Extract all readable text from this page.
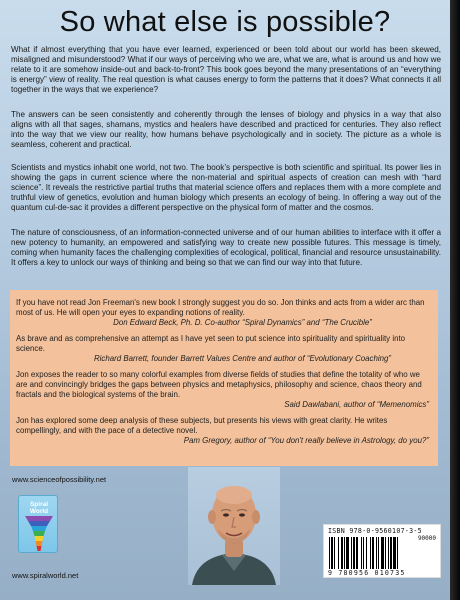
So what else is possible?

What if almost everything that you have ever learned, experienced or been told about our world has been skewed, misaligned and misunderstood? What if our ways of perceiving who we are, what we are, what is around us and how we relate to it are somehow inside-out and back-to-front? This book goes beyond the many presentations of an “everything is energy” view of reality. The real question is what causes energy to form the patterns that it does? What connects it all together in the ways that we experience?

The answers can be seen consistently and coherently through the lenses of biology and physics in a way that also aligns with all that sages, shamans, mystics and healers have described and practiced for centuries. They also reflect into the way that we view our reality, how humans behave psychologically and in society. The picture as a whole is seamless, coherent and practical.

Scientists and mystics inhabit one world, not two. The book’s perspective is both scientific and spiritual. Its power lies in showing the gaps in current science where the non-material and spiritual aspects of creation can mesh with “hard science”. It reveals the restrictive partial truths that material science offers and replaces them with a more complete and truthful view of genetics, evolution and human biology which presents an ecology of being. In offering a way out of the quantum cul-de-sac it provides a different perspective on the physical form of matter and the cosmos.

The nature of consciousness, of an information-connected universe and of our human abilities to interface with it offer a new potency to humanity, an empowered and satisfying way to create new possible futures. This message is timely, coming when humanity faces the challenging complexities of ecological, political, financial and resource unsustainability. It offers a key to unlock our ways of thinking and being so that we can find our way into that future.

If you have not read Jon Freeman's new book I strongly suggest you do so. Jon thinks and acts from a wider arc than most of us. He will open your eyes to expanding notions of reality.
Don Edward Beck, Ph. D. Co-author “Spiral Dynamics” and “The Crucible”
As brave and as comprehensive an attempt as I have yet seen to put science into spirituality and spirituality into science.
Richard Barrett, founder Barrett Values Centre and author of “Evolutionary Coaching”
Jon exposes the reader to so many colorful examples from diverse fields of studies that define the totality of who we are and convincingly bridges the gaps between physics and metaphysics, philosophy and science, chaos theory and fractals and the biological systems of the brain.
Said Dawlabani, author of “Memenomics”
Jon has explored some deep analysis of these subjects, but presents his views with great clarity. He writes compellingly, and with the pace of a detective novel.
Pam Gregory, author of “You don't really believe in Astrology, do you?”
www.scienceofpossibility.net
Spiral
World
ISBN 978-0-9560107-3-5
90000
9 780956 010735
www.spiralworld.net
